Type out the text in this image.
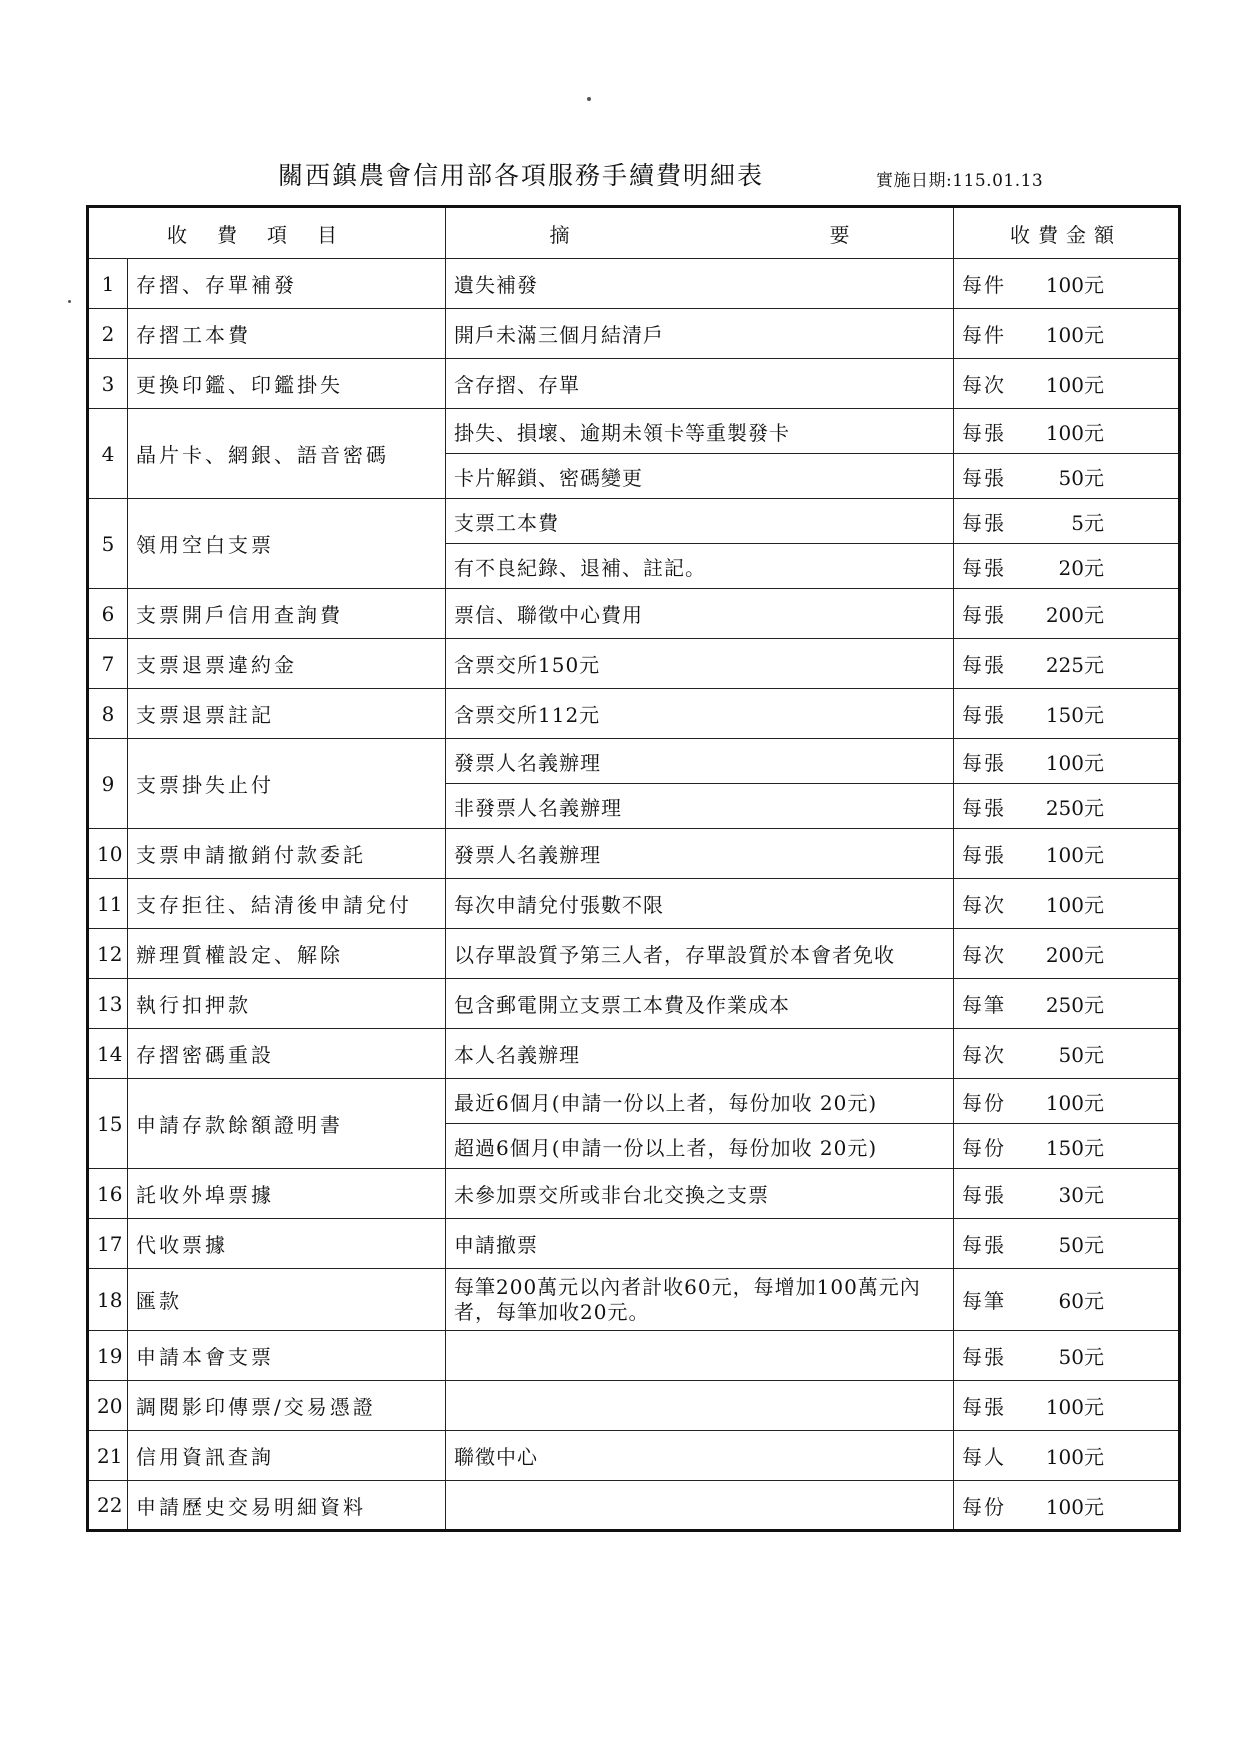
關西鎮農會信用部各項服務手續費明細表	實施日期:115.01.13
收費項目		摘 要	收費金額
1	存摺、存單補發	遺失補發	每件 100元
2	存摺工本費	開戶未滿三個月結清戶	每件 100元
3	更換印鑑、印鑑掛失	含存摺、存單	每次 100元
4	晶片卡、網銀、語音密碼	掛失、損壞、逾期未領卡等重製發卡	每張 100元
		卡片解鎖、密碼變更	每張 50元
5	領用空白支票	支票工本費	每張 5元
		有不良紀錄、退補、註記。	每張 20元
6	支票開戶信用查詢費	票信、聯徵中心費用	每張 200元
7	支票退票違約金	含票交所150元	每張 225元
8	支票退票註記	含票交所112元	每張 150元
9	支票掛失止付	發票人名義辦理	每張 100元
		非發票人名義辦理	每張 250元
10	支票申請撤銷付款委託	發票人名義辦理	每張 100元
11	支存拒往、結清後申請兌付	每次申請兌付張數不限	每次 100元
12	辦理質權設定、解除	以存單設質予第三人者，存單設質於本會者免收	每次 200元
13	執行扣押款	包含郵電開立支票工本費及作業成本	每筆 250元
14	存摺密碼重設	本人名義辦理	每次 50元
15	申請存款餘額證明書	最近6個月(申請一份以上者，每份加收 20元)	每份 100元
		超過6個月(申請一份以上者，每份加收 20元)	每份 150元
16	託收外埠票據	未參加票交所或非台北交換之支票	每張 30元
17	代收票據	申請撤票	每張 50元
18	匯款	每筆200萬元以內者計收60元，每增加100萬元內者，每筆加收20元。	每筆 60元
19	申請本會支票		每張 50元
20	調閱影印傳票/交易憑證		每張 100元
21	信用資訊查詢	聯徵中心	每人 100元
22	申請歷史交易明細資料		每份 100元
